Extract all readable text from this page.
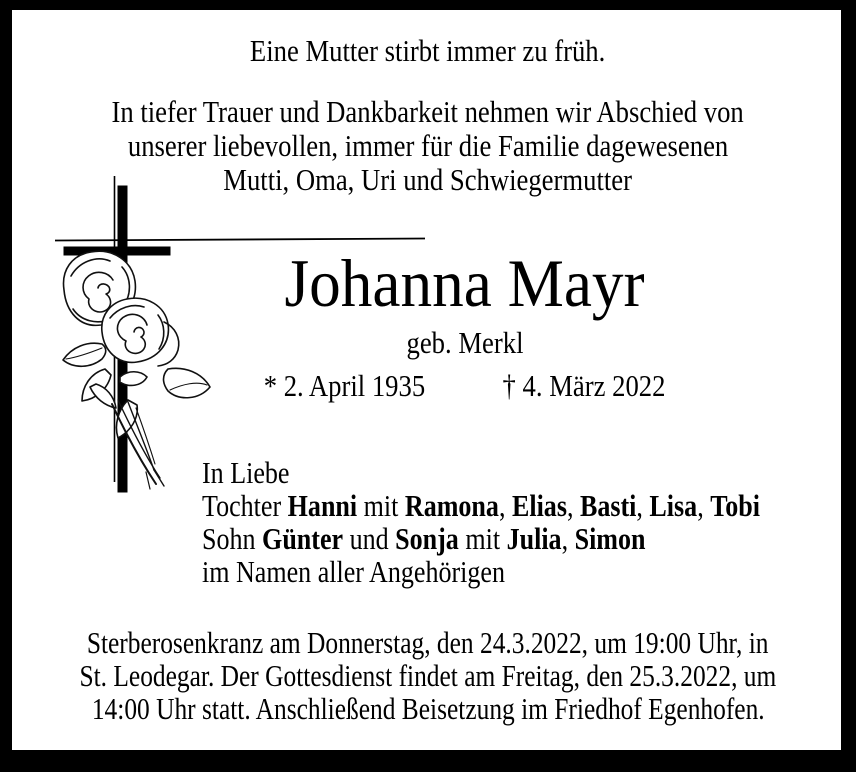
Eine Mutter stirbt immer zu früh.
In tiefer Trauer und Dankbarkeit nehmen wir Abschied von
unserer liebevollen, immer für die Familie dagewesenen
Mutti, Oma, Uri und Schwiegermutter
Johanna Mayr
geb. Merkl
* 2. April 1935 † 4. März 2022
In Liebe
Tochter Hanni mit Ramona, Elias, Basti, Lisa, Tobi
Sohn Günter und Sonja mit Julia, Simon
im Namen aller Angehörigen
Sterberosenkranz am Donnerstag, den 24.3.2022, um 19:00 Uhr, in
St. Leodegar. Der Gottesdienst findet am Freitag, den 25.3.2022, um
14:00 Uhr statt. Anschließend Beisetzung im Friedhof Egenhofen.
